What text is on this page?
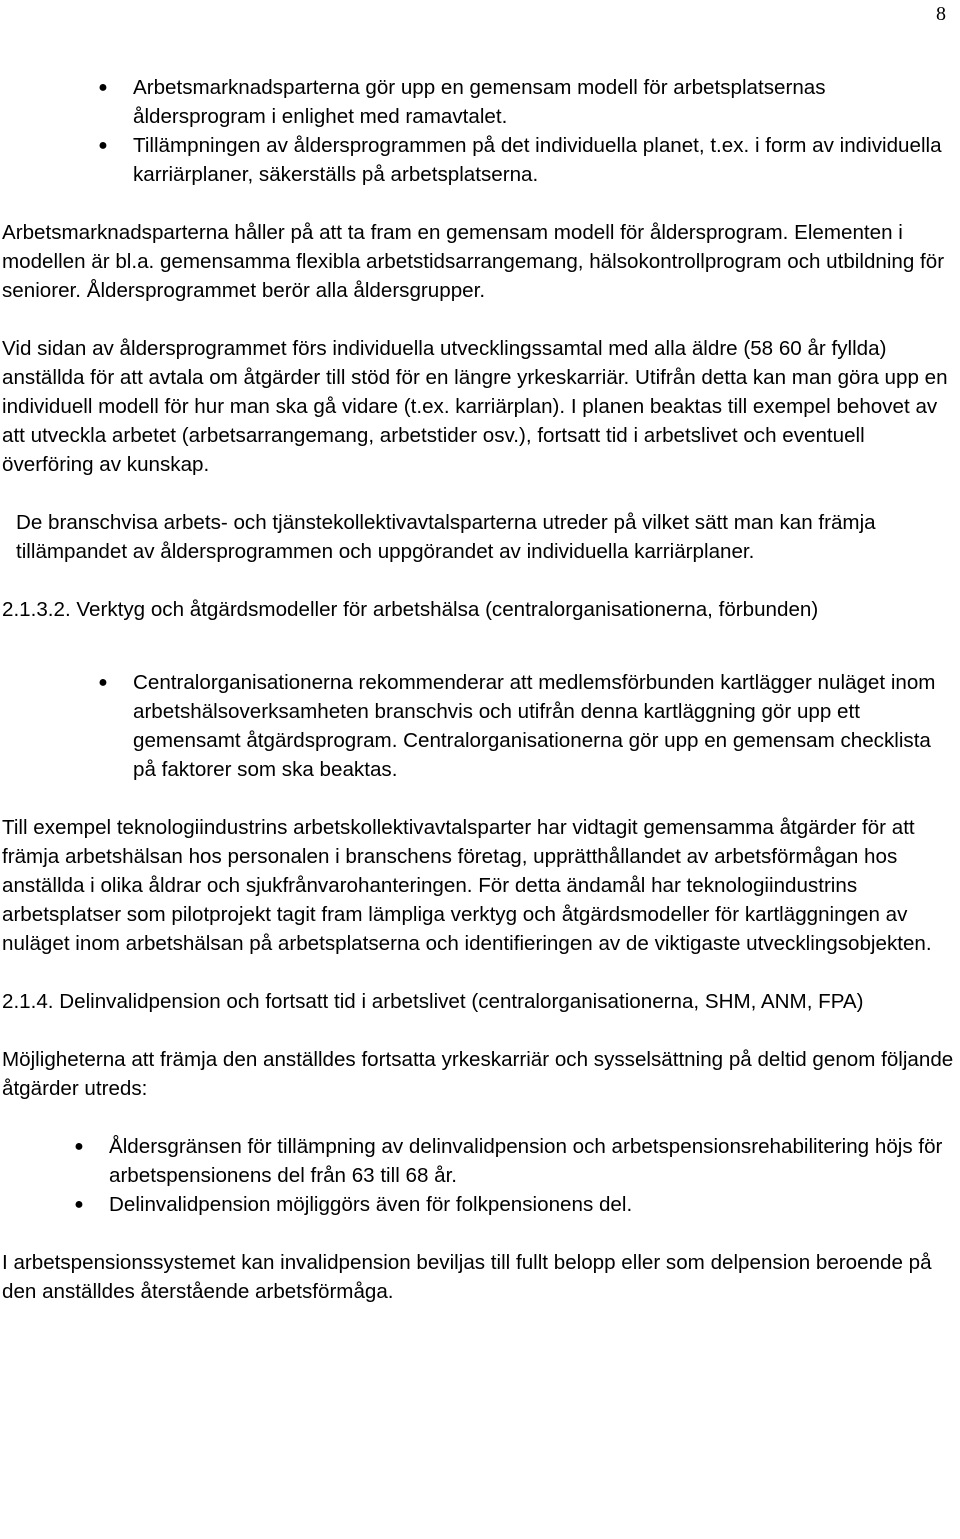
8
● Arbetsmarknadsparterna gör upp en gemensam modell för arbetsplatsernas åldersprogram i enlighet med ramavtalet.
● Tillämpningen av åldersprogrammen på det individuella planet, t.ex. i form av individuella karriärplaner, säkerställs på arbetsplatserna.

Arbetsmarknadsparterna håller på att ta fram en gemensam modell för åldersprogram. Elementen i modellen är bl.a. gemensamma flexibla arbetstidsarrangemang, hälsokontrollprogram och utbildning för seniorer. Åldersprogrammet berör alla åldersgrupper.

Vid sidan av åldersprogrammet förs individuella utvecklingssamtal med alla äldre (58 60 år fyllda) anställda för att avtala om åtgärder till stöd för en längre yrkeskarriär. Utifrån detta kan man göra upp en individuell modell för hur man ska gå vidare (t.ex. karriärplan). I planen beaktas till exempel behovet av att utveckla arbetet (arbetsarrangemang, arbetstider osv.), fortsatt tid i arbetslivet och eventuell överföring av kunskap.

De branschvisa arbets- och tjänstekollektivavtalsparterna utreder på vilket sätt man kan främja tillämpandet av åldersprogrammen och uppgörandet av individuella karriärplaner.

2.1.3.2. Verktyg och åtgärdsmodeller för arbetshälsa (centralorganisationerna, förbunden)

● Centralorganisationerna rekommenderar att medlemsförbunden kartlägger nuläget inom arbetshälsoverksamheten branschvis och utifrån denna kartläggning gör upp ett gemensamt åtgärdsprogram. Centralorganisationerna gör upp en gemensam checklista på faktorer som ska beaktas.

Till exempel teknologiindustrins arbetskollektivavtalsparter har vidtagit gemensamma åtgärder för att främja arbetshälsan hos personalen i branschens företag, upprätthållandet av arbetsförmågan hos anställda i olika åldrar och sjukfrånvarohanteringen. För detta ändamål har teknologiindustrins arbetsplatser som pilotprojekt tagit fram lämpliga verktyg och åtgärdsmodeller för kartläggningen av nuläget inom arbetshälsan på arbetsplatserna och identifieringen av de viktigaste utvecklingsobjekten.

2.1.4. Delinvalidpension och fortsatt tid i arbetslivet (centralorganisationerna, SHM, ANM, FPA)

Möjligheterna att främja den anställdes fortsatta yrkeskarriär och sysselsättning på deltid genom följande åtgärder utreds:

● Åldersgränsen för tillämpning av delinvalidpension och arbetspensionsrehabilitering höjs för arbetspensionens del från 63 till 68 år.
● Delinvalidpension möjliggörs även för folkpensionens del.

I arbetspensionssystemet kan invalidpension beviljas till fullt belopp eller som delpension beroende på den anställdes återstående arbetsförmåga.
